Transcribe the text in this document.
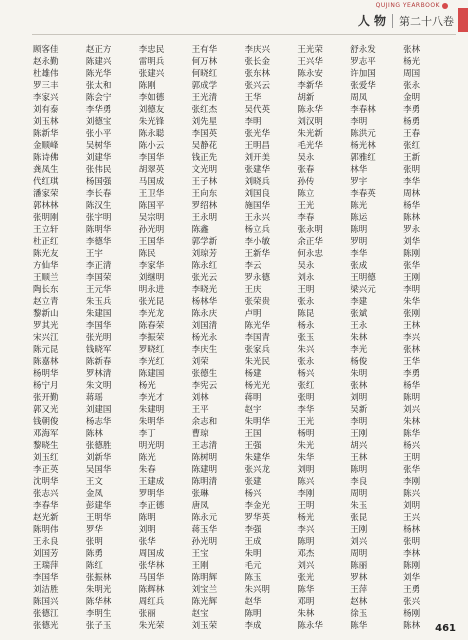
QUJING YEARBOOK
人 物 第二十八卷
顾客佳
赵永勤
杜雄伟
罗三丰
李家兴
刘有泰
刘玉林
陈新华
金顺峰
陈诗佛
龚凤生
代红琪
潘家荣
郭林林
张明刚
王立轩
杜正红
陈光友
方仙华
王顺兰
陶长东
赵立青
黎新山
罗其光
宋兴江
陈元昆
陈嘉林
杨明华
杨宁月
张开勤
郭又光
钱朝俊
邓海军
黎晓生
刘玉红
李正英
沈明华
张志兴
李春华
赵光新
陈明伟
王永良
刘国芳
王瑞萍
李国华
刘洁胜
陈国兴
张德江
张德光
赵正方
陈建兴
陈光华
张太和
陈会宁
李华勇
刘德宝
张小平
吴树华
刘建华
张伟民
杨国强
李长春
陈汉生
张宇明
陈明华
李德华
王宇
李正清
李国荣
王元华
朱玉兵
朱建国
李国华
张光明
钱晓军
陈新春
罗林清
朱文明
蒋瑶
刘建国
杨志华
陈林
张德胜
刘新华
吴国华
王文
金凤
彭建华
王明华
罗华
张明
陈勇
陈红
张振林
朱明光
陈华林
李明生
张子玉
李忠民
雷明兵
张建兴
陈刚
李如德
刘德友
朱光锋
陈永聪
陈小云
李国华
胡翠英
马国成
王卫华
陈国平
吴宗明
孙光明
王国华
陈民
李家华
刘继明
明永进
张光昆
李光龙
陈春荣
李振荣
罗晓红
李光红
陈建国
杨光
李光才
朱建明
朱明华
李丁
明光明
陈光
朱春
王建成
罗明华
李正德
陈明
刘明
张华
周国成
张华林
马国华
陈辉林
周红兵
张丽
朱光荣
王有华
何万林
何晓红
郭成学
王光清
张红杰
刘先星
李国英
吴静花
钱正先
文光明
王子林
王向东
罗绍林
王永明
陈鑫
郭学新
刘琼芳
陈永红
张光云
李晓光
杨林华
陈永庆
刘国清
杨光永
李庆生
刘荣
张德生
李宪云
刘林
王平
余志和
曹琼
王志清
陈树明
陈建明
陈明清
张琳
唐凤
陈永元
蒋玉华
孙光明
王宝
王刚
陈明辉
刘宝兰
陈光辉
赵宝
刘玉荣
李庆兴
张长金
张东林
张兴云
王华
吴代英
李明
张光华
王明昌
刘开美
张建华
刘晓兵
刘国良
施国华
王永兴
杨立兵
李小敏
王新华
李云
罗永德
王庆
张荣贵
卢明
陈光华
李国青
张家兵
朱光民
杨建
杨光光
蒋明
赵宇
朱明华
王国
王强
朱建华
张兴龙
张建
杨兴
李金光
罗华英
李强
王成
朱明
毛元
陈玉
朱兴明
赵华
陈明
李成
王光荣
王兴华
陈永安
李新华
胡新
陈永华
刘汉明
朱光新
毛光华
吴永
张春
孙传
陈立
王光
李春
张永明
余正华
何永忠
吴永
刘永
王明
张永
陈昆
杨永
张玉
朱兴
张永
杨兴
张红
张明
李华
王光
杨明
朱光
朱华
刘明
陈兴
李刚
王明
杨光
李兴
陈明
邓杰
刘兴
张光
陈华
邓明
朱林
陈永华
舒永发
罗志平
许加国
张爱华
周凤
李春林
李明
陈洪元
杨光林
郭雅红
林华
罗宇
李春英
陈光
陈运
陈明
罗明
李华
张成
王明德
梁兴元
李建
张斌
王永
朱林
李光
杨俊
朱明
张林
刘明
吴新
李明
王刚
胡兴
王林
陈明
李良
周明
朱玉
张昆
王刚
刘兴
周明
陈丽
罗林
王萍
赵林
徐玉
陈华
张林
杨光
周国
张永
金明
李勇
杨勇
王春
张红
王新
张明
李华
周林
杨华
陈林
罗永
刘华
陈刚
张华
王刚
李明
朱华
张刚
王林
李兴
张林
王华
李勇
杨华
陈明
刘兴
朱林
陈华
杨兴
王明
张华
李刚
陈兴
刘明
王兴
杨林
张明
李林
陈刚
刘华
王勇
张兴
杨刚
陈林	461
